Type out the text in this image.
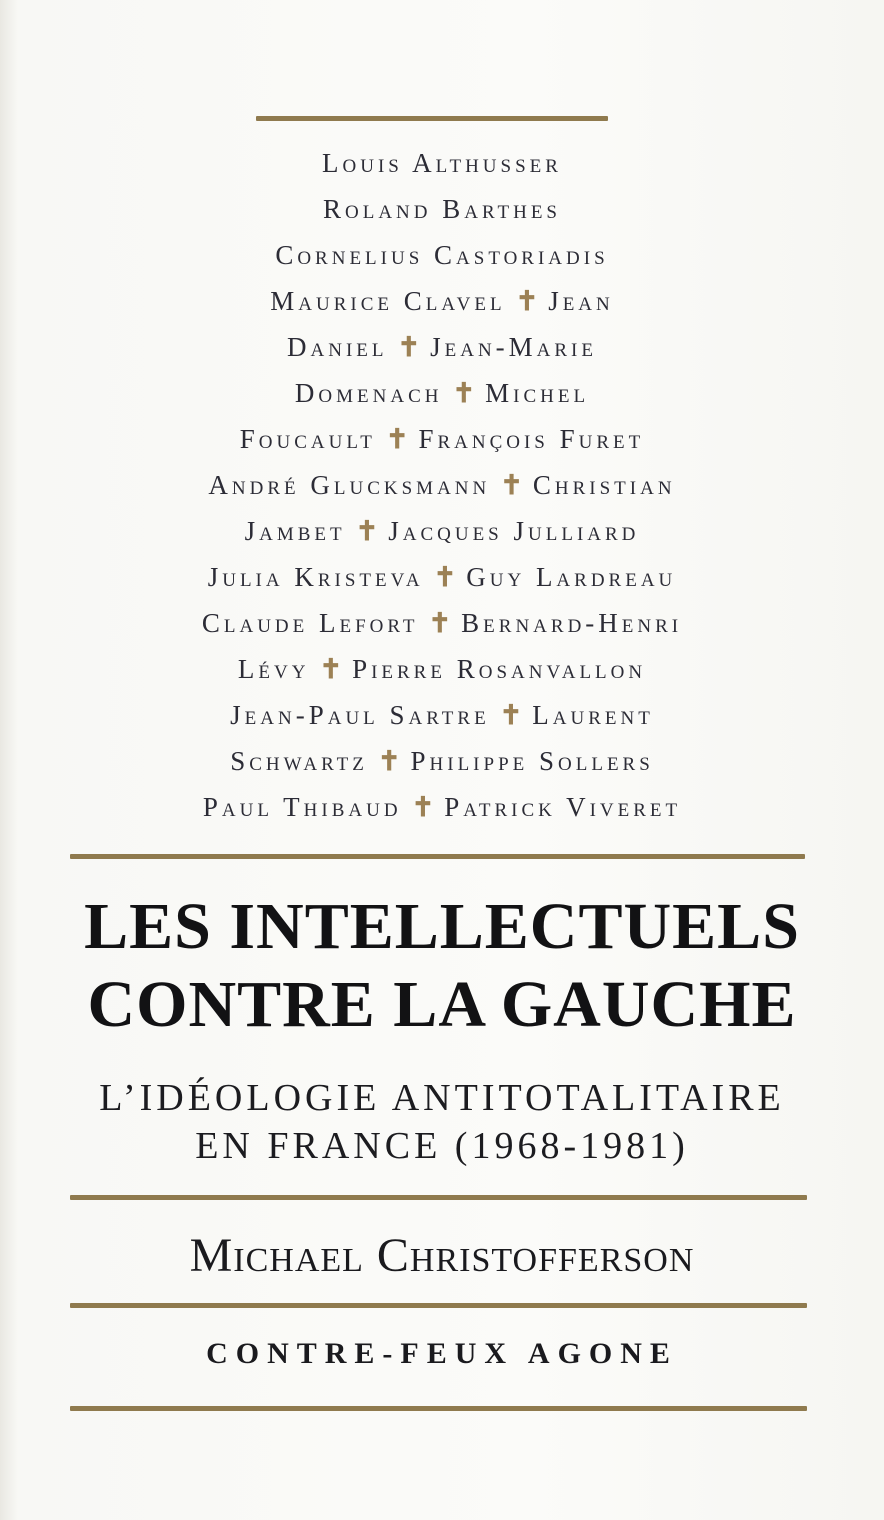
Louis Althusser
Roland Barthes
Cornelius Castoriadis
Maurice Clavel ✝ Jean
Daniel ✝ Jean-Marie
Domenach ✝ Michel
Foucault ✝ François Furet
André Glucksmann ✝ Christian
Jambet ✝ Jacques Julliard
Julia Kristeva ✝ Guy Lardreau
Claude Lefort ✝ Bernard-Henri
Lévy ✝ Pierre Rosanvallon
Jean-Paul Sartre ✝ Laurent
Schwartz ✝ Philippe Sollers
Paul Thibaud ✝ Patrick Viveret
LES INTELLECTUELS
CONTRE LA GAUCHE
L’IDÉOLOGIE ANTITOTALITAIRE
EN FRANCE (1968-1981)
Michael Christofferson
CONTRE-FEUX AGONE
